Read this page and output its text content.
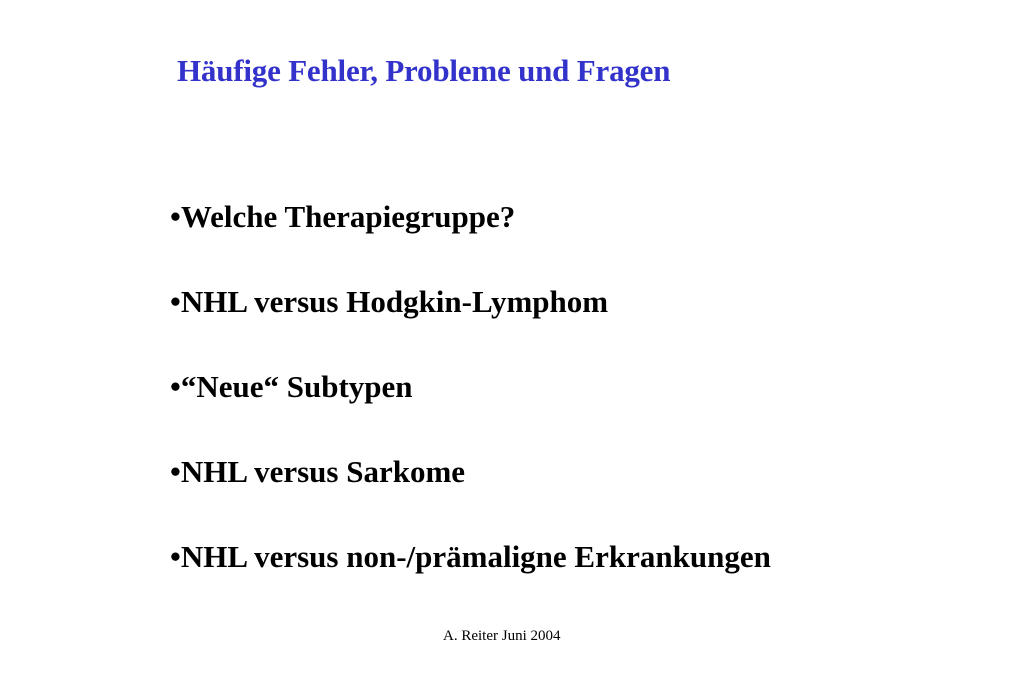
Häufige Fehler, Probleme und Fragen
•Welche Therapiegruppe?
•NHL versus Hodgkin-Lymphom
•“Neue“ Subtypen
•NHL versus Sarkome
•NHL versus non-/prämaligne Erkrankungen
A. Reiter Juni 2004
